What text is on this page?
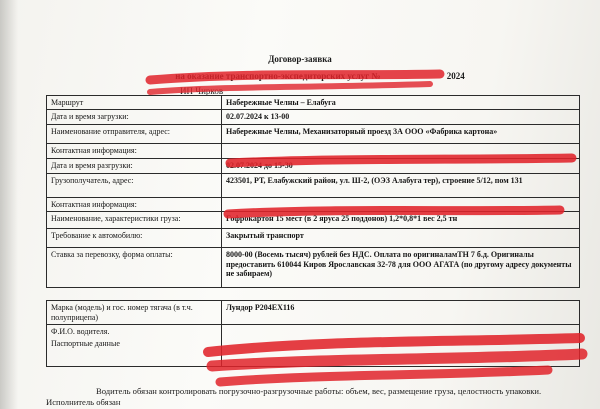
Договор-заявка
на оказание транспортно-экспедиторских услуг №	2024
ИП Чирков
Маршрут	Набережные Челны – Елабуга
Дата и время загрузки:	02.07.2024 к 13-00
Наименование отправителя, адрес:	Набережные Челны, Механизаторный проезд 3А ООО «Фабрика картона»
Контактная информация:	
Дата и время разгрузки:	02.07.2024 до 15-30
Грузополучатель, адрес:	423501, РТ, Елабужский район, ул. Ш-2, (ОЭЗ Алабуга тер), строение 5/12, пом 131
Контактная информация:	
Наименование, характеристики груза:	Гофрокартон 15 мест (в 2 яруса 25 поддонов) 1,2*0,8*1 вес 2,5 тн
Требование к автомобилю:	Закрытый транспорт
Ставка за перевозку, форма оплаты:	8000-00 (Восемь тысяч) рублей без НДС. Оплата по оригиналамТН 7 б.д. Оригиналы предоставить 610044 Киров Ярославская 32-78 для ООО АГАТА (по другому адресу документы не забираем)

Марка (модель) и гос. номер тягача (в т.ч. полуприцепа)	Лундор Р204ЕХ116
Ф.И.О. водителя.	
Паспортные данные	
Водитель обязан контролировать погрузочно-разгрузочные работы: объем, вес, размещение груза, целостность упаковки. Исполнитель обязан
